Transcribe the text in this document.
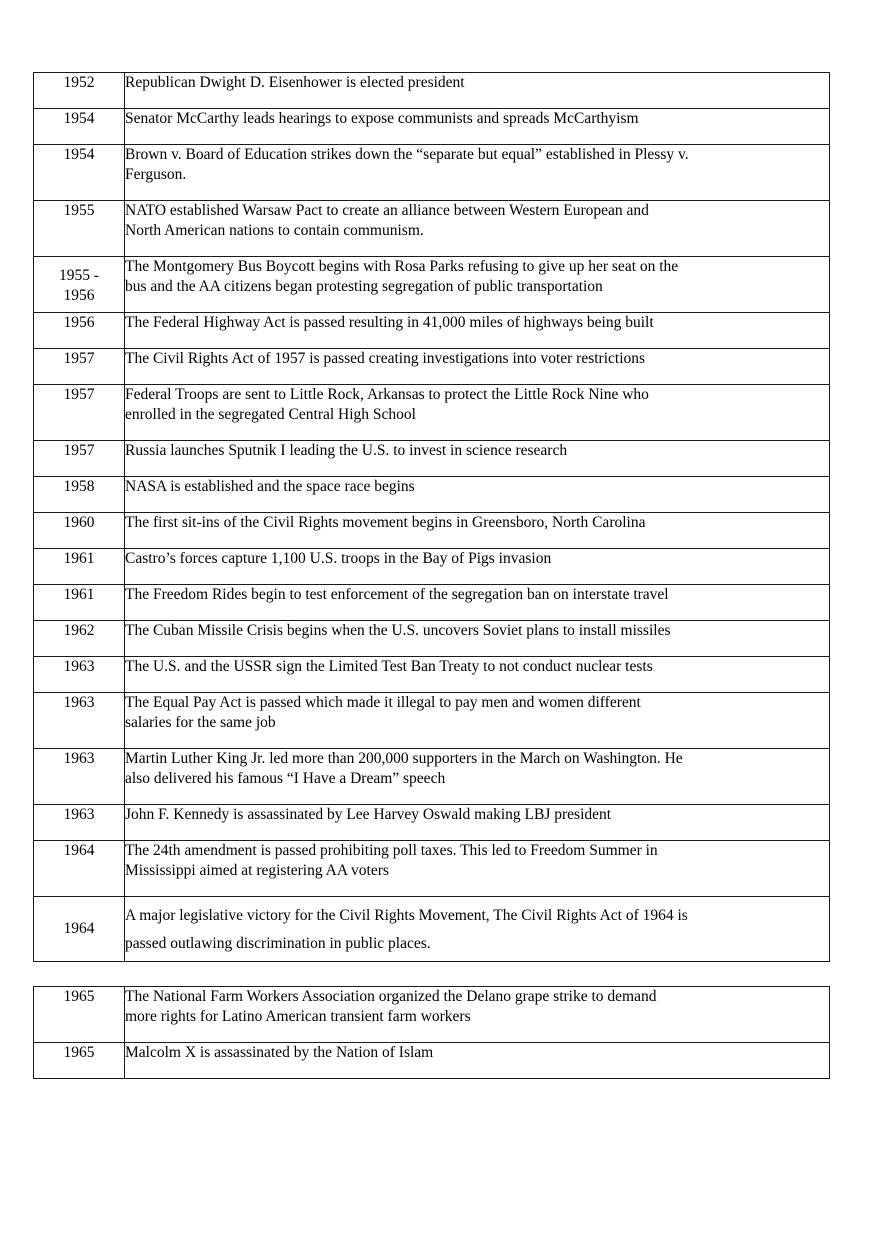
1952	Republican Dwight D. Eisenhower is elected president

1954	Senator McCarthy leads hearings to expose communists and spreads McCarthyism

1954	Brown v. Board of Education strikes down the “separate but equal” established in Plessy v.
Ferguson.

1955	NATO established Warsaw Pact to create an alliance between Western European and
North American nations to contain communism.

1955 -
1956	The Montgomery Bus Boycott begins with Rosa Parks refusing to give up her seat on the
bus and the AA citizens began protesting segregation of public transportation

1956	The Federal Highway Act is passed resulting in 41,000 miles of highways being built

1957	The Civil Rights Act of 1957 is passed creating investigations into voter restrictions

1957	Federal Troops are sent to Little Rock, Arkansas to protect the Little Rock Nine who
enrolled in the segregated Central High School

1957	Russia launches Sputnik I leading the U.S. to invest in science research

1958	NASA is established and the space race begins

1960	The first sit-ins of the Civil Rights movement begins in Greensboro, North Carolina

1961	Castro’s forces capture 1,100 U.S. troops in the Bay of Pigs invasion

1961	The Freedom Rides begin to test enforcement of the segregation ban on interstate travel

1962	The Cuban Missile Crisis begins when the U.S. uncovers Soviet plans to install missiles

1963	The U.S. and the USSR sign the Limited Test Ban Treaty to not conduct nuclear tests

1963	The Equal Pay Act is passed which made it illegal to pay men and women different
salaries for the same job

1963	Martin Luther King Jr. led more than 200,000 supporters in the March on Washington. He
also delivered his famous “I Have a Dream” speech

1963	John F. Kennedy is assassinated by Lee Harvey Oswald making LBJ president

1964	The 24th amendment is passed prohibiting poll taxes. This led to Freedom Summer in
Mississippi aimed at registering AA voters

1964	A major legislative victory for the Civil Rights Movement, The Civil Rights Act of 1964 is
passed outlawing discrimination in public places.
1965	The National Farm Workers Association organized the Delano grape strike to demand
more rights for Latino American transient farm workers

1965	Malcolm X is assassinated by the Nation of Islam
